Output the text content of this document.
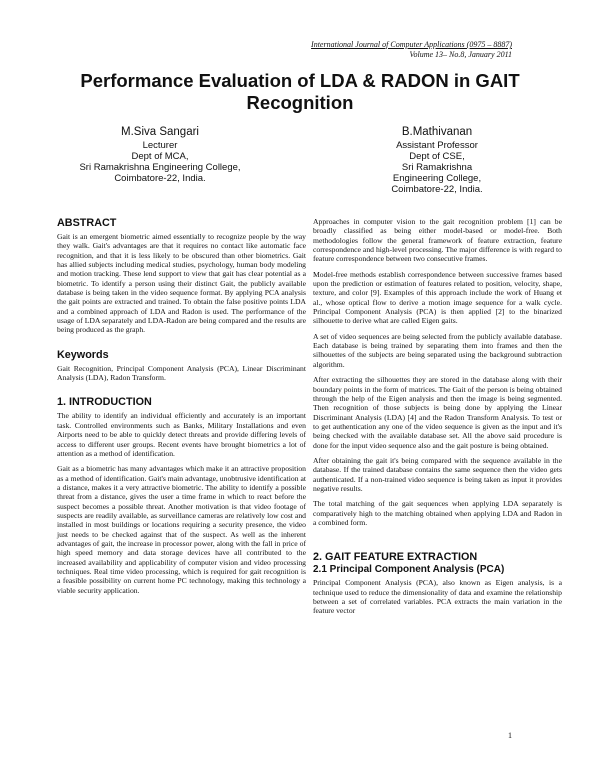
International Journal of Computer Applications (0975 – 8887)
Volume 13– No.8, January 2011
Performance Evaluation of LDA & RADON in GAIT Recognition
M.Siva Sangari
Lecturer
Dept of MCA,
Sri Ramakrishna Engineering College,
Coimbatore-22, India.
B.Mathivanan
Assistant Professor
Dept of CSE,
Sri Ramakrishna
Engineering College,
Coimbatore-22, India.
ABSTRACT

Gait is an emergent biometric aimed essentially to recognize people by the way they walk. Gait's advantages are that it requires no contact like automatic face recognition, and that it is less likely to be obscured than other biometrics. Gait has allied subjects including medical studies, psychology, human body modeling and motion tracking. These lend support to view that gait has clear potential as a biometric. To identify a person using their distinct Gait, the publicly available database is being taken in the video sequence format. By applying PCA analysis the gait points are extracted and trained. To obtain the false positive points LDA and a combined approach of LDA and Radon is used. The performance of the usage of LDA separately and LDA-Radon are being compared and the results are being produced as the graph.

Keywords

Gait Recognition, Principal Component Analysis (PCA), Linear Discriminant Analysis (LDA), Radon Transform.

1. INTRODUCTION

The ability to identify an individual efficiently and accurately is an important task. Controlled environments such as Banks, Military Installations and even Airports need to be able to quickly detect threats and provide differing levels of access to different user groups. Recent events have brought biometrics a lot of attention as a method of identification.

Gait as a biometric has many advantages which make it an attractive proposition as a method of identification. Gait's main advantage, unobtrusive identification at a distance, makes it a very attractive biometric. The ability to identify a possible threat from a distance, gives the user a time frame in which to react before the suspect becomes a possible threat. Another motivation is that video footage of suspects are readily available, as surveillance cameras are relatively low cost and installed in most buildings or locations requiring a security presence, the video just needs to be checked against that of the suspect. As well as the inherent advantages of gait, the increase in processor power, along with the fall in price of high speed memory and data storage devices have all contributed to the increased availability and applicability of computer vision and video processing techniques. Real time video processing, which is required for gait recognition is a feasible possibility on current home PC technology, making this technology a viable security application.

Approaches in computer vision to the gait recognition problem [1] can be broadly classified as being either model-based or model-free. Both methodologies follow the general framework of feature extraction, feature correspondence and high-level processing. The major difference is with regard to feature correspondence between two consecutive frames.

Model-free methods establish correspondence between successive frames based upon the prediction or estimation of features related to position, velocity, shape, texture, and color [9]. Examples of this approach include the work of Huang et al., whose optical flow to derive a motion image sequence for a walk cycle. Principal Component Analysis (PCA) is then applied [2] to the binarized silhouette to derive what are called Eigen gaits.

A set of video sequences are being selected from the publicly available database. Each database is being trained by separating them into frames and then the silhouettes of the subjects are being separated using the background subtraction algorithm.

After extracting the silhouettes they are stored in the database along with their boundary points in the form of matrices. The Gait of the person is being obtained through the help of the Eigen analysis and then the image is being segmented. Then recognition of those subjects is being done by applying the Linear Discriminant Analysis (LDA) [4] and the Radon Transform Analysis. To test or to get authentication any one of the video sequence is given as the input and it's being checked with the available database set. All the above said procedure is done for the input video sequence also and the gait posture is being obtained.

After obtaining the gait it's being compared with the sequence available in the database. If the trained database contains the same sequence then the video gets authenticated. If a non-trained video sequence is being taken as input it provides negative results.

The total matching of the gait sequences when applying LDA separately is comparatively high to the matching obtained when applying LDA and Radon in a combined form.

2. GAIT FEATURE EXTRACTION
2.1 Principal Component Analysis (PCA)

Principal Component Analysis (PCA), also known as Eigen analysis, is a technique used to reduce the dimensionality of data and examine the relationship between a set of correlated variables. PCA extracts the main variation in the feature vector

1
